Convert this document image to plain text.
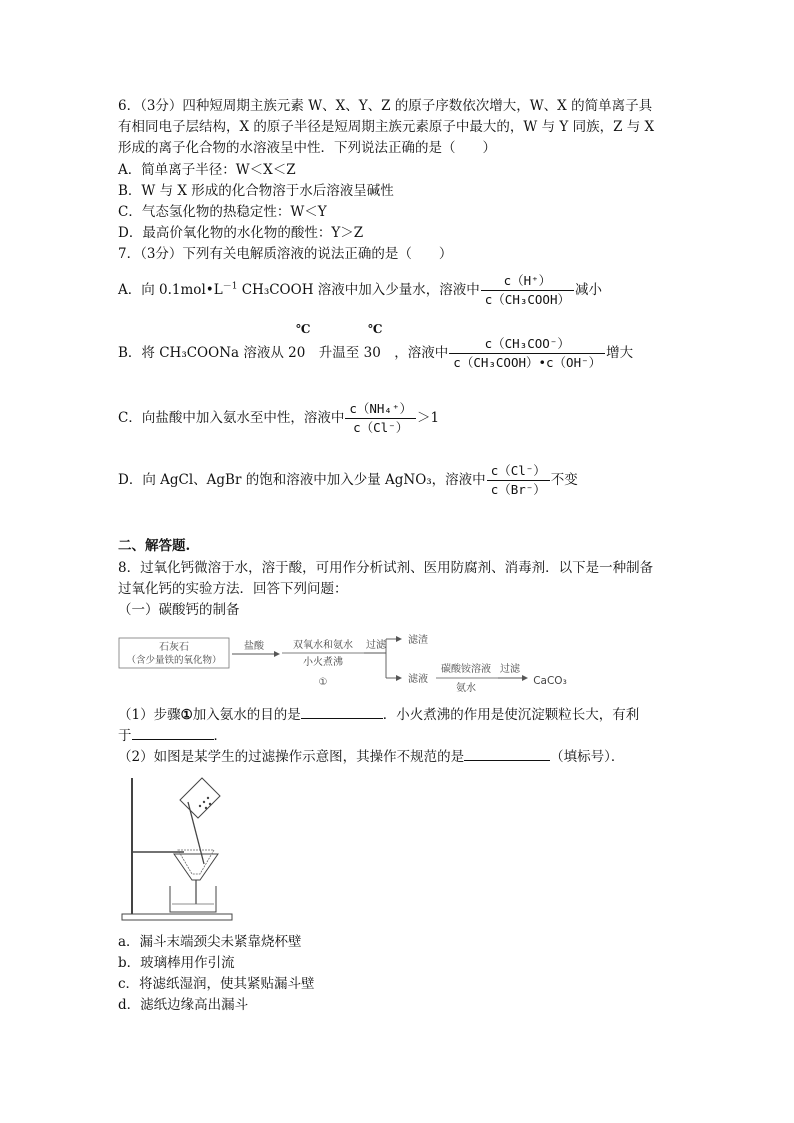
6．（3分）四种短周期主族元素 W、X、Y、Z 的原子序数依次增大，W、X 的简单离子具
有相同电子层结构，X 的原子半径是短周期主族元素原子中最大的，W 与 Y 同族，Z 与 X
形成的离子化合物的水溶液呈中性．下列说法正确的是（　　）
A．简单离子半径：W＜X＜Z
B．W 与 X 形成的化合物溶于水后溶液呈碱性
C．气态氢化物的热稳定性：W＜Y
D．最高价氧化物的水化物的酸性：Y＞Z
7．（3分）下列有关电解质溶液的说法正确的是（　　）
A．向 $0.1mol•L^{-1}$ CH₃COOH 溶液中加入少量水，溶液中 $\frac{c(H^+)}{\text{c（CH₃COOH）}}$ 减小
℃	℃
B．将 CH₃COONa 溶液从 20　升温至 30　，溶液中 $\frac{\text{c（CH₃COO⁻）}}{\text{c（CH₃COOH）•c（OH⁻）}}$ 增大
C．向盐酸中加入氨水至中性，溶液中 $\frac{\text{c（NH₄⁺）}}{c(Cl^-)} >1$
D．向 AgCl、AgBr 的饱和溶液中加入少量 AgNO₃，溶液中 $\frac{c(Cl^-)}{c(Br^-)}$ 不变
二、解答题.
8．过氧化钙微溶于水，溶于酸，可用作分析试剂、医用防腐剂、消毒剂．以下是一种制备
过氧化钙的实验方法．回答下列问题：
（一）碳酸钙的制备
石灰石
（含少量铁的氧化物）
盐酸	双氧水和氨水
小火煮沸
①
过滤 滤渣
滤液
碳酸铵溶液
氨水
过滤
CaCO₃
（1）步骤①加入氨水的目的是	．小火煮沸的作用是使沉淀颗粒长大，有利
于	．
（2）如图是某学生的过滤操作示意图，其操作不规范的是	（填标号）．
a．漏斗末端颈尖未紧靠烧杯壁
b．玻璃棒用作引流
c．将滤纸湿润，使其紧贴漏斗壁
d．滤纸边缘高出漏斗
